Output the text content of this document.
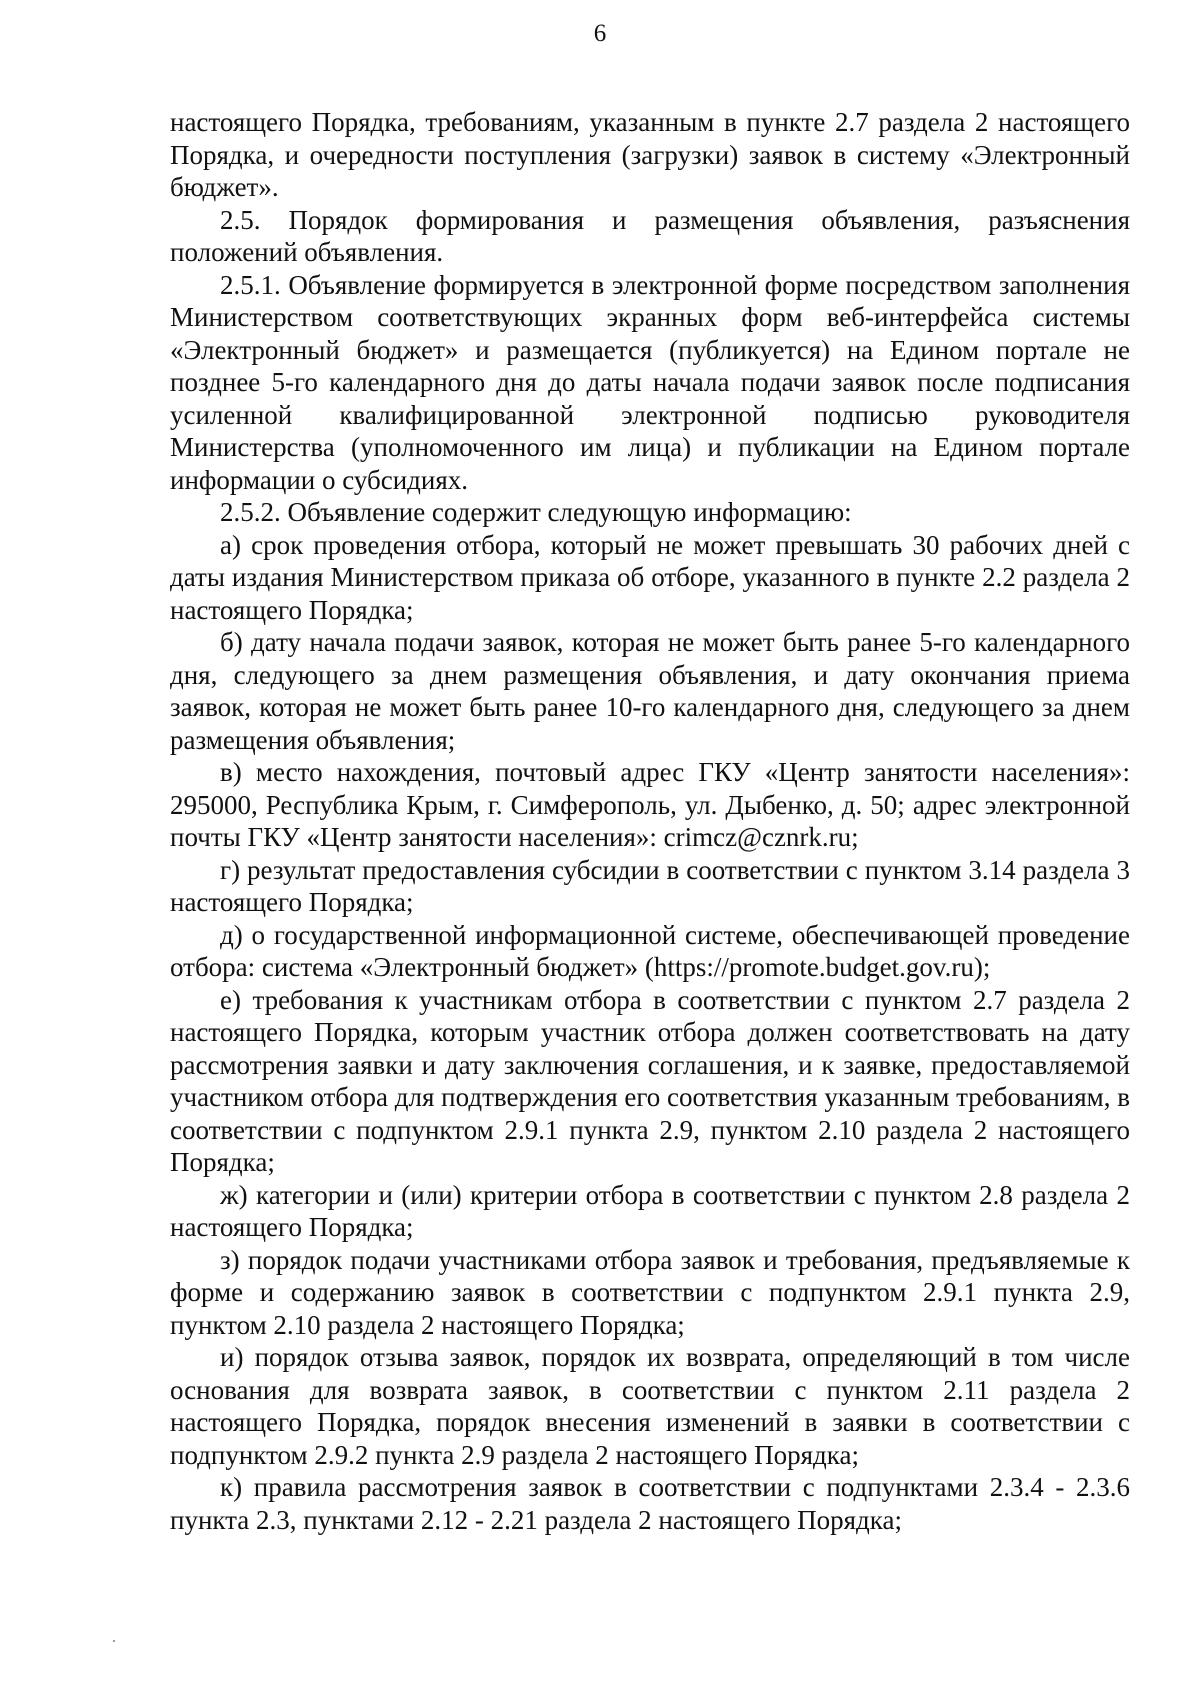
6

настоящего Порядка, требованиям, указанным в пункте 2.7 раздела 2 настоящего Порядка, и очередности поступления (загрузки) заявок в систему «Электронный бюджет».

2.5. Порядок формирования и размещения объявления, разъяснения положений объявления.

2.5.1. Объявление формируется в электронной форме посредством заполнения Министерством соответствующих экранных форм веб-интерфейса системы «Электронный бюджет» и размещается (публикуется) на Едином портале не позднее 5-го календарного дня до даты начала подачи заявок после подписания усиленной квалифицированной электронной подписью руководителя Министерства (уполномоченного им лица) и публикации на Едином портале информации о субсидиях.

2.5.2. Объявление содержит следующую информацию:

а) срок проведения отбора, который не может превышать 30 рабочих дней с даты издания Министерством приказа об отборе, указанного в пункте 2.2 раздела 2 настоящего Порядка;

б) дату начала подачи заявок, которая не может быть ранее 5-го календарного дня, следующего за днем размещения объявления, и дату окончания приема заявок, которая не может быть ранее 10-го календарного дня, следующего за днем размещения объявления;

в) место нахождения, почтовый адрес ГКУ «Центр занятости населения»: 295000, Республика Крым, г. Симферополь, ул. Дыбенко, д. 50; адрес электронной почты ГКУ «Центр занятости населения»: crimcz@cznrk.ru;

г) результат предоставления субсидии в соответствии с пунктом 3.14 раздела 3 настоящего Порядка;

д) о государственной информационной системе, обеспечивающей проведение отбора: система «Электронный бюджет» (https://promote.budget.gov.ru);

е) требования к участникам отбора в соответствии с пунктом 2.7 раздела 2 настоящего Порядка, которым участник отбора должен соответствовать на дату рассмотрения заявки и дату заключения соглашения, и к заявке, предоставляемой участником отбора для подтверждения его соответствия указанным требованиям, в соответствии с подпунктом 2.9.1 пункта 2.9, пунктом 2.10 раздела 2 настоящего Порядка;

ж) категории и (или) критерии отбора в соответствии с пунктом 2.8 раздела 2 настоящего Порядка;

з) порядок подачи участниками отбора заявок и требования, предъявляемые к форме и содержанию заявок в соответствии с подпунктом 2.9.1 пункта 2.9, пунктом 2.10 раздела 2 настоящего Порядка;

и) порядок отзыва заявок, порядок их возврата, определяющий в том числе основания для возврата заявок, в соответствии с пунктом 2.11 раздела 2 настоящего Порядка, порядок внесения изменений в заявки в соответствии с подпунктом 2.9.2 пункта 2.9 раздела 2 настоящего Порядка;

к) правила рассмотрения заявок в соответствии с подпунктами 2.3.4 - 2.3.6 пункта 2.3, пунктами 2.12 - 2.21 раздела 2 настоящего Порядка;
